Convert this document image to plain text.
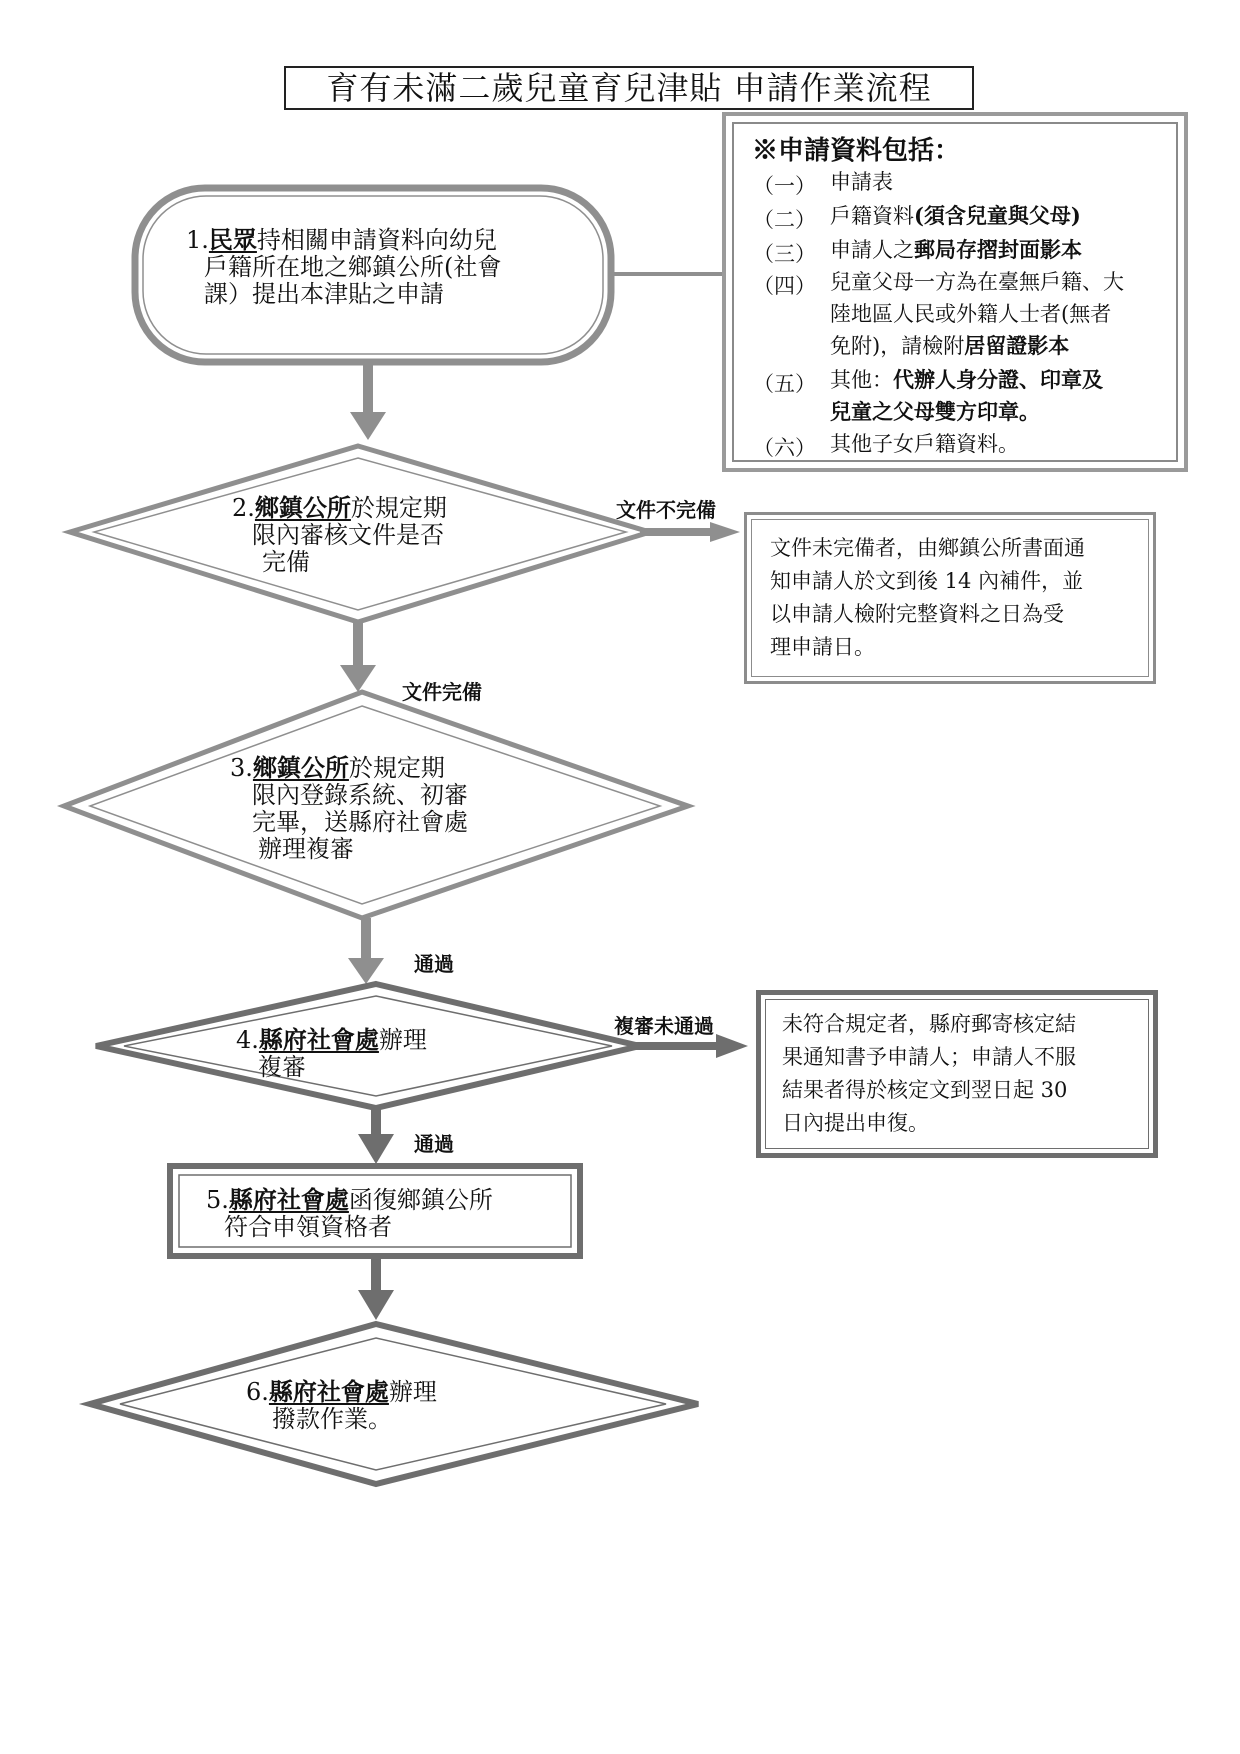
育有未滿二歲兒童育兒津貼 申請作業流程
※申請資料包括：
（一） 申請表
（二） 戶籍資料(須含兒童與父母)
（三） 申請人之郵局存摺封面影本
（四） 兒童父母一方為在臺無戶籍、大
陸地區人民或外籍人士者(無者
免附)，請檢附居留證影本
（五） 其他：代辦人身分證、印章及
兒童之父母雙方印章。
（六） 其他子女戶籍資料。
1.民眾持相關申請資料向幼兒
戶籍所在地之鄉鎮公所(社會
課）提出本津貼之申請
2.鄉鎮公所於規定期
限內審核文件是否
完備
3.鄉鎮公所於規定期
限內登錄系統、初審
完畢，送縣府社會處
辦理複審
4.縣府社會處辦理
複審
5.縣府社會處函復鄉鎮公所
符合申領資格者
6.縣府社會處辦理
撥款作業。
文件不完備
文件完備
通過
複審未通過
通過
文件未完備者，由鄉鎮公所書面通
知申請人於文到後 14 內補件，並
以申請人檢附完整資料之日為受
理申請日。
未符合規定者，縣府郵寄核定結
果通知書予申請人；申請人不服
結果者得於核定文到翌日起 30
日內提出申復。
